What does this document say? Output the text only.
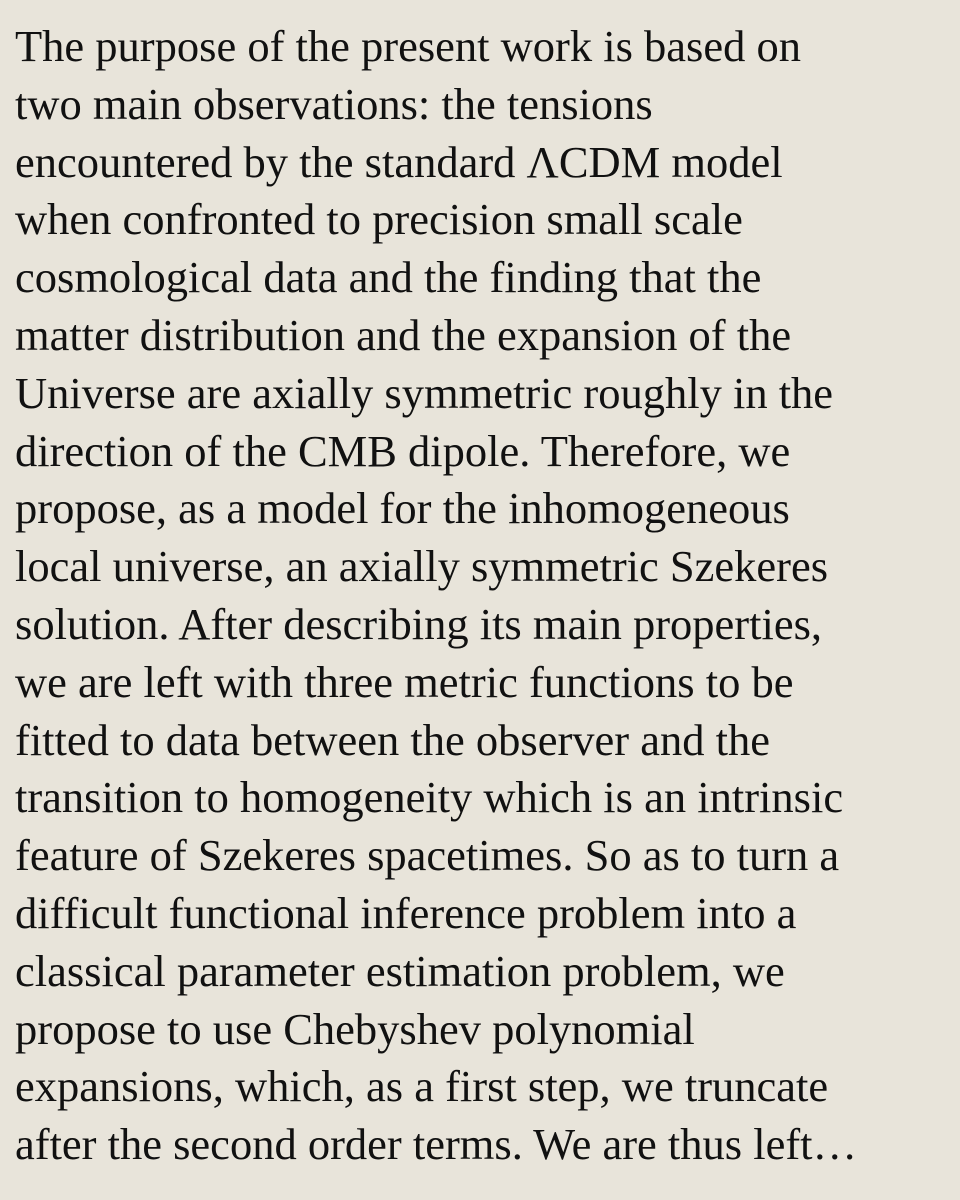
The purpose of the present work is based on
two main observations: the tensions
encountered by the standard ΛCDM model
when confronted to precision small scale
cosmological data and the finding that the
matter distribution and the expansion of the
Universe are axially symmetric roughly in the
direction of the CMB dipole. Therefore, we
propose, as a model for the inhomogeneous
local universe, an axially symmetric Szekeres
solution. After describing its main properties,
we are left with three metric functions to be
fitted to data between the observer and the
transition to homogeneity which is an intrinsic
feature of Szekeres spacetimes. So as to turn a
difficult functional inference problem into a
classical parameter estimation problem, we
propose to use Chebyshev polynomial
expansions, which, as a first step, we truncate
after the second order terms. We are thus left…
